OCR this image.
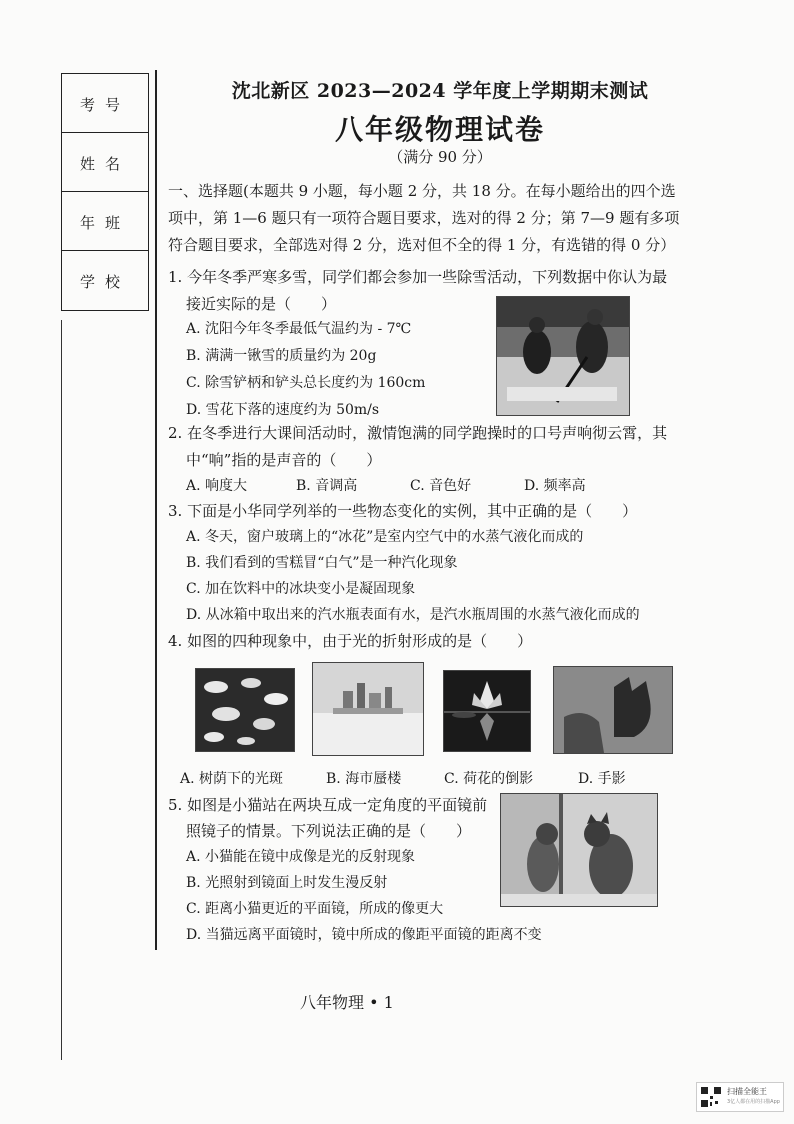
考号
姓名
年班
学校
沈北新区 2023—2024 学年度上学期期末测试
八年级物理试卷
（满分 90 分）
一、选择题(本题共 9 小题，每小题 2 分，共 18 分。在每小题给出的四个选
项中，第 1—6 题只有一项符合题目要求，选对的得 2 分；第 7—9 题有多项
符合题目要求，全部选对得 2 分，选对但不全的得 1 分，有选错的得 0 分）
1. 今年冬季严寒多雪，同学们都会参加一些除雪活动，下列数据中你认为最
接近实际的是（　　）
A. 沈阳今年冬季最低气温约为 - 7℃
B. 满满一锹雪的质量约为 20g
C. 除雪铲柄和铲头总长度约为 160cm
D. 雪花下落的速度约为 50m/s
2. 在冬季进行大课间活动时，激情饱满的同学跑操时的口号声响彻云霄，其
中“响”指的是声音的（　　）
A. 响度大	B. 音调高	C. 音色好	D. 频率高
3. 下面是小华同学列举的一些物态变化的实例，其中正确的是（　　）
A. 冬天，窗户玻璃上的“冰花”是室内空气中的水蒸气液化而成的
B. 我们看到的雪糕冒“白气”是一种汽化现象
C. 加在饮料中的冰块变小是凝固现象
D. 从冰箱中取出来的汽水瓶表面有水，是汽水瓶周围的水蒸气液化而成的
4. 如图的四种现象中，由于光的折射形成的是（　　）
A. 树荫下的光斑	B. 海市蜃楼	C. 荷花的倒影	D. 手影
5. 如图是小猫站在两块互成一定角度的平面镜前
照镜子的情景。下列说法正确的是（　　）
A. 小猫能在镜中成像是光的反射现象
B. 光照射到镜面上时发生漫反射
C. 距离小猫更近的平面镜，所成的像更大
D. 当猫远离平面镜时，镜中所成的像距平面镜的距离不变
八年物理 • 1
扫描全能王
3亿人都在用的扫描App
